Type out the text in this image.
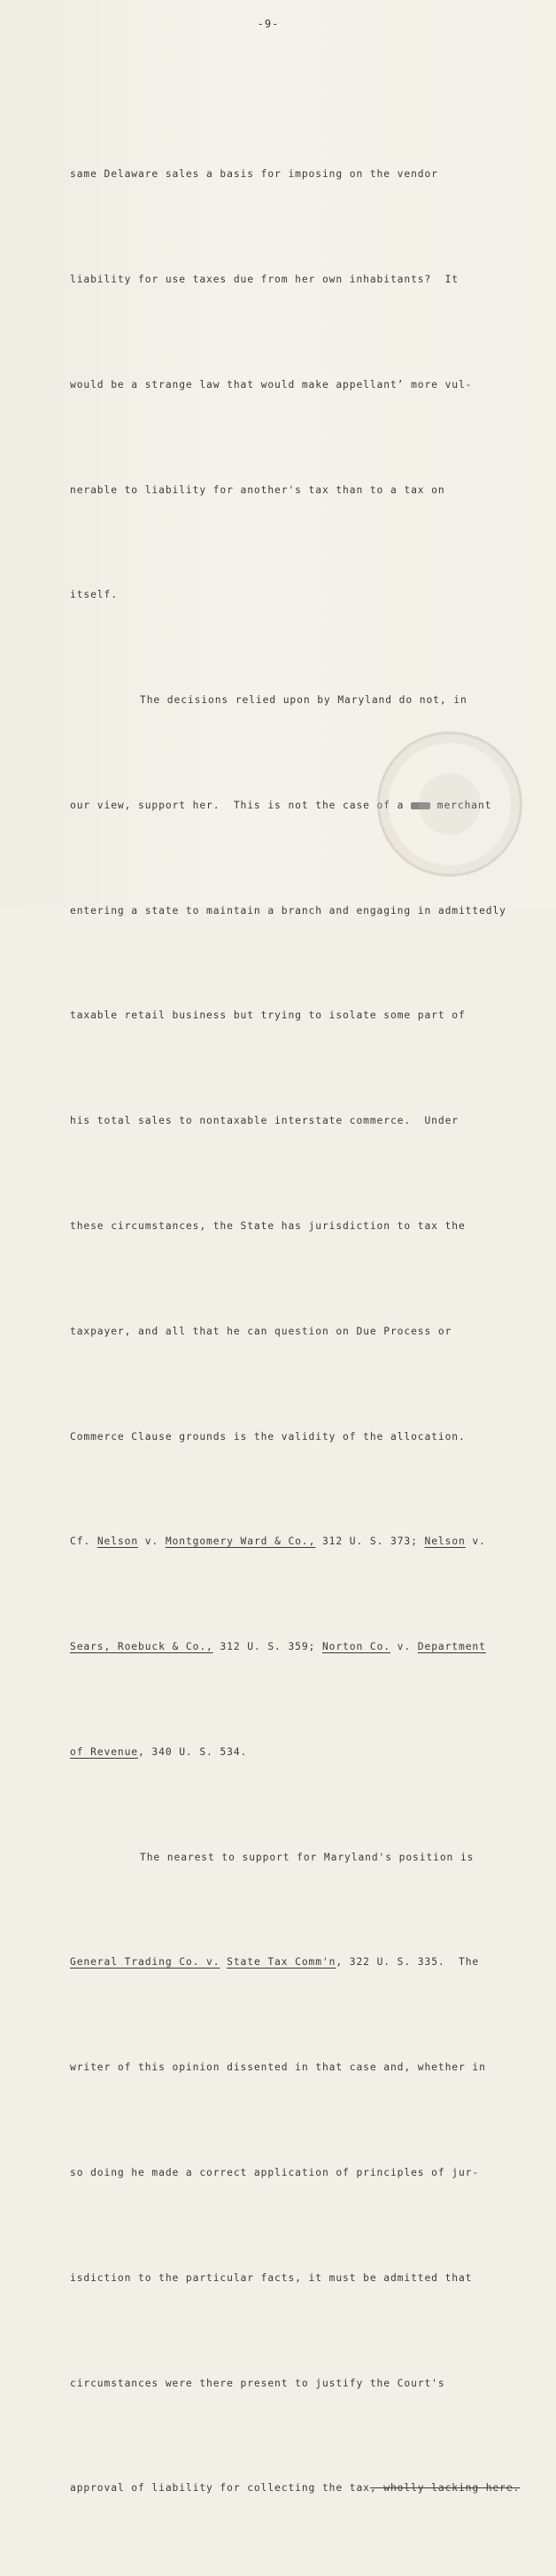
-9-

same Delaware sales a basis for imposing on the vendor

liability for use taxes due from her own inhabitants?  It

would be a strange law that would make appellant’ more vul-

nerable to liability for another's tax than to a tax on

itself.

The decisions relied upon by Maryland do not, in

our view, support her.  This is not the case of a  merchant

entering a state to maintain a branch and engaging in admittedly

taxable retail business but trying to isolate some part of

his total sales to nontaxable interstate commerce.  Under

these circumstances, the State has jurisdiction to tax the

taxpayer, and all that he can question on Due Process or

Commerce Clause grounds is the validity of the allocation.

Cf. Nelson v. Montgomery Ward & Co., 312 U. S. 373; Nelson v.

Sears, Roebuck & Co., 312 U. S. 359; Norton Co. v. Department

of Revenue, 340 U. S. 534.

The nearest to support for Maryland's position is

General Trading Co. v. State Tax Comm'n, 322 U. S. 335.  The

writer of this opinion dissented in that case and, whether in

so doing he made a correct application of principles of jur-

isdiction to the particular facts, it must be admitted that

circumstances were there present to justify the Court's

approval of liability for collecting the tax, wholly lacking here.
